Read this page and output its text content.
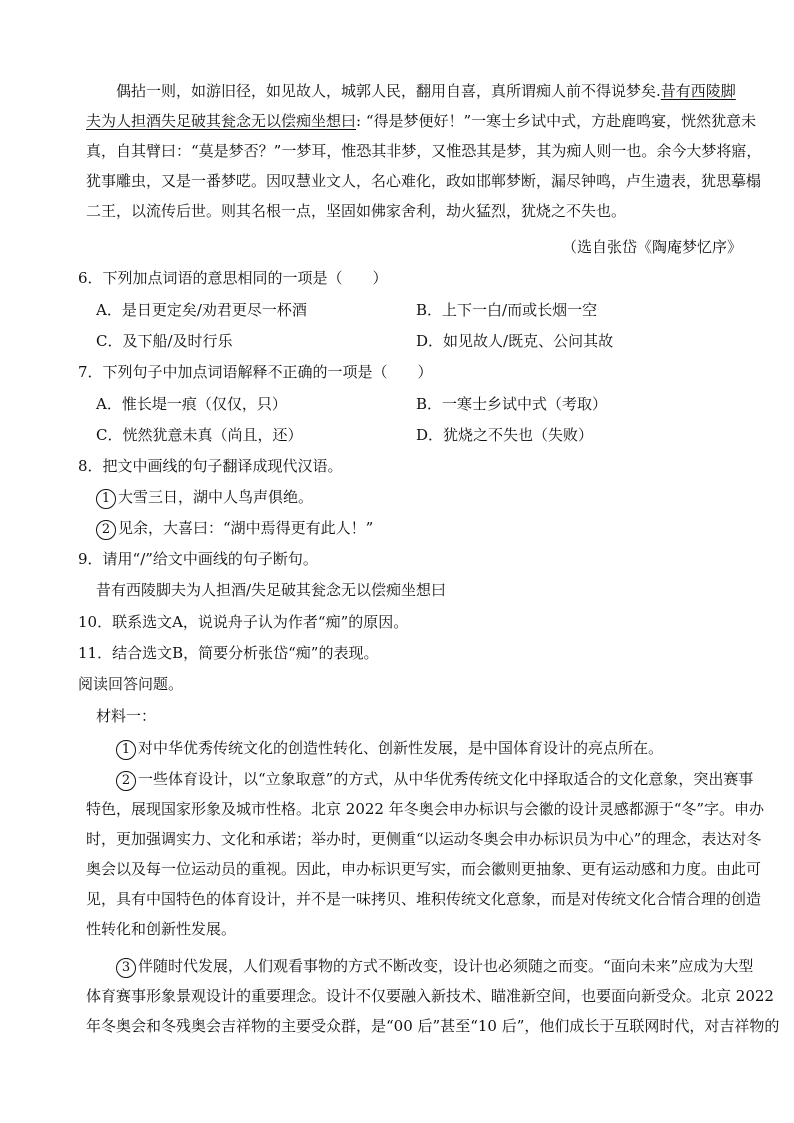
偶拈一则，如游旧径，如见故人，城郭人民，翻用自喜，真所谓痴人前不得说梦矣.昔有西陵脚
夫为人担酒失足破其瓮念无以偿痴坐想曰: “得是梦便好！”一寒士乡试中式，方赴鹿鸣宴，恍然犹意未
真，自其臂曰：“莫是梦否？”一梦耳，惟恐其非梦，又惟恐其是梦，其为痴人则一也。余今大梦将寤，
犹事雕虫，又是一番梦呓。因叹慧业文人，名心难化，政如邯郸梦断，漏尽钟鸣，卢生遗表，犹思摹榻
二王，以流传后世。则其名根一点，坚固如佛家舍利，劫火猛烈，犹烧之不失也。
（选自张岱《陶庵梦忆序》
6．下列加点词语的意思相同的一项是（　　）
A．是日更定矣/劝君更尽一杯酒	B．上下一白/而或长烟一空
C．及下船/及时行乐	D．如见故人/既克、公问其故
7．下列句子中加点词语解释不正确的一项是（　　）
A．惟长堤一痕（仅仅，只）	B．一寒士乡试中式（考取）
C．恍然犹意未真（尚且，还）	D．犹烧之不失也（失败）
8．把文中画线的句子翻译成现代汉语。
1 大雪三日，湖中人鸟声俱绝。
2 见余，大喜曰：“湖中焉得更有此人！”
9．请用“/”给文中画线的句子断句。
昔有西陵脚夫为人担酒/失足破其瓮念无以偿痴坐想曰
10．联系选文A，说说舟子认为作者“痴”的原因。
11．结合选文B，简要分析张岱“痴”的表现。
阅读回答问题。
材料一：
1 对中华优秀传统文化的创造性转化、创新性发展，是中国体育设计的亮点所在。
2 一些体育设计，以“立象取意”的方式，从中华优秀传统文化中择取适合的文化意象，突出赛事
特色，展现国家形象及城市性格。北京 2022 年冬奥会申办标识与会徽的设计灵感都源于“冬”字。申办
时，更加强调实力、文化和承诺；举办时，更侧重“以运动冬奥会申办标识员为中心”的理念，表达对冬
奥会以及每一位运动员的重视。因此，申办标识更写实，而会徽则更抽象、更有运动感和力度。由此可
见，具有中国特色的体育设计，并不是一味拷贝、堆积传统文化意象，而是对传统文化合情合理的创造
性转化和创新性发展。
3 伴随时代发展，人们观看事物的方式不断改变，设计也必须随之而变。“面向未来”应成为大型
体育赛事形象景观设计的重要理念。设计不仅要融入新技术、瞄准新空间，也要面向新受众。北京 2022
年冬奥会和冬残奥会吉祥物的主要受众群，是“00 后”甚至“10 后”，他们成长于互联网时代，对吉祥物的
